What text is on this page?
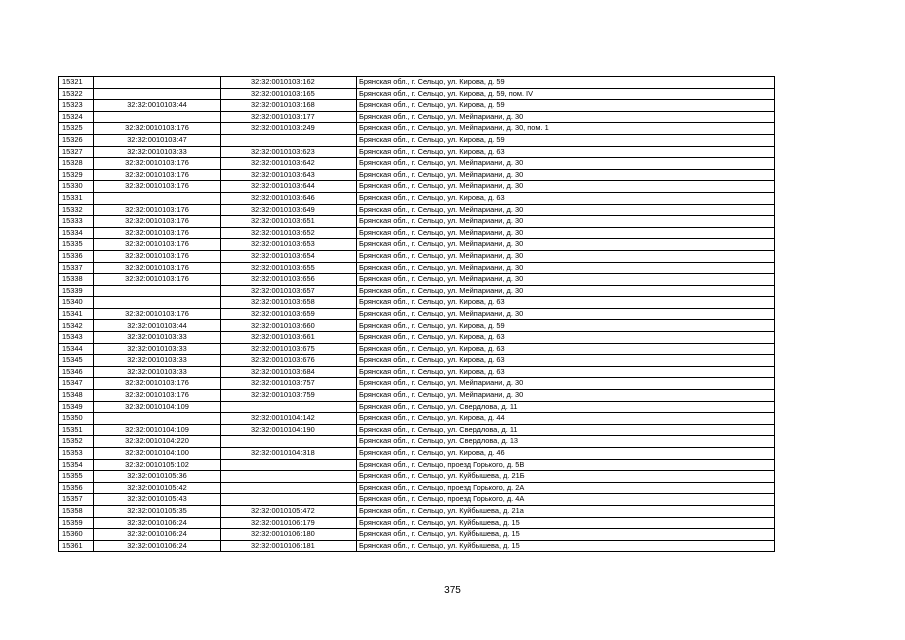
15321		32:32:0010103:162	Брянская обл., г. Сельцо, ул. Кирова, д. 59
15322		32:32:0010103:165	Брянская обл., г. Сельцо, ул. Кирова, д. 59, пом. IV
15323	32:32:0010103:44	32:32:0010103:168	Брянская обл., г. Сельцо, ул. Кирова, д. 59
15324		32:32:0010103:177	Брянская обл., г. Сельцо, ул. Мейпариани, д. 30
15325	32:32:0010103:176	32:32:0010103:249	Брянская обл., г. Сельцо, ул. Мейпариани, д. 30, пом. 1
15326	32:32:0010103:47		Брянская обл., г. Сельцо, ул. Кирова, д. 59
15327	32:32:0010103:33	32:32:0010103:623	Брянская обл., г. Сельцо, ул. Кирова, д. 63
15328	32:32:0010103:176	32:32:0010103:642	Брянская обл., г. Сельцо, ул. Мейпариани, д. 30
15329	32:32:0010103:176	32:32:0010103:643	Брянская обл., г. Сельцо, ул. Мейпариани, д. 30
15330	32:32:0010103:176	32:32:0010103:644	Брянская обл., г. Сельцо, ул. Мейпариани, д. 30
15331		32:32:0010103:646	Брянская обл., г. Сельцо, ул. Кирова, д. 63
15332	32:32:0010103:176	32:32:0010103:649	Брянская обл., г. Сельцо, ул. Мейпариани, д. 30
15333	32:32:0010103:176	32:32:0010103:651	Брянская обл., г. Сельцо, ул. Мейпариани, д. 30
15334	32:32:0010103:176	32:32:0010103:652	Брянская обл., г. Сельцо, ул. Мейпариани, д. 30
15335	32:32:0010103:176	32:32:0010103:653	Брянская обл., г. Сельцо, ул. Мейпариани, д. 30
15336	32:32:0010103:176	32:32:0010103:654	Брянская обл., г. Сельцо, ул. Мейпариани, д. 30
15337	32:32:0010103:176	32:32:0010103:655	Брянская обл., г. Сельцо, ул. Мейпариани, д. 30
15338	32:32:0010103:176	32:32:0010103:656	Брянская обл., г. Сельцо, ул. Мейпариани, д. 30
15339		32:32:0010103:657	Брянская обл., г. Сельцо, ул. Мейпариани, д. 30
15340		32:32:0010103:658	Брянская обл., г. Сельцо, ул. Кирова, д. 63
15341	32:32:0010103:176	32:32:0010103:659	Брянская обл., г. Сельцо, ул. Мейпариани, д. 30
15342	32:32:0010103:44	32:32:0010103:660	Брянская обл., г. Сельцо, ул. Кирова, д. 59
15343	32:32:0010103:33	32:32:0010103:661	Брянская обл., г. Сельцо, ул. Кирова, д. 63
15344	32:32:0010103:33	32:32:0010103:675	Брянская обл., г. Сельцо, ул. Кирова, д. 63
15345	32:32:0010103:33	32:32:0010103:676	Брянская обл., г. Сельцо, ул. Кирова, д. 63
15346	32:32:0010103:33	32:32:0010103:684	Брянская обл., г. Сельцо, ул. Кирова, д. 63
15347	32:32:0010103:176	32:32:0010103:757	Брянская обл., г. Сельцо, ул. Мейпариани, д. 30
15348	32:32:0010103:176	32:32:0010103:759	Брянская обл., г. Сельцо, ул. Мейпариани, д. 30
15349	32:32:0010104:109		Брянская обл., г. Сельцо, ул. Свердлова, д. 11
15350		32:32:0010104:142	Брянская обл., г. Сельцо, ул. Кирова, д. 44
15351	32:32:0010104:109	32:32:0010104:190	Брянская обл., г. Сельцо, ул. Свердлова, д. 11
15352	32:32:0010104:220		Брянская обл., г. Сельцо, ул. Свердлова, д. 13
15353	32:32:0010104:100	32:32:0010104:318	Брянская обл., г. Сельцо, ул. Кирова, д. 46
15354	32:32:0010105:102		Брянская обл., г. Сельцо, проезд Горького, д. 5В
15355	32:32:0010105:36		Брянская обл., г. Сельцо, ул. Куйбышева, д. 21Б
15356	32:32:0010105:42		Брянская обл., г. Сельцо, проезд Горького, д. 2А
15357	32:32:0010105:43		Брянская обл., г. Сельцо, проезд Горького, д. 4А
15358	32:32:0010105:35	32:32:0010105:472	Брянская обл., г. Сельцо, ул. Куйбышева, д. 21а
15359	32:32:0010106:24	32:32:0010106:179	Брянская обл., г. Сельцо, ул. Куйбышева, д. 15
15360	32:32:0010106:24	32:32:0010106:180	Брянская обл., г. Сельцо, ул. Куйбышева, д. 15
15361	32:32:0010106:24	32:32:0010106:181	Брянская обл., г. Сельцо, ул. Куйбышева, д. 15
375
